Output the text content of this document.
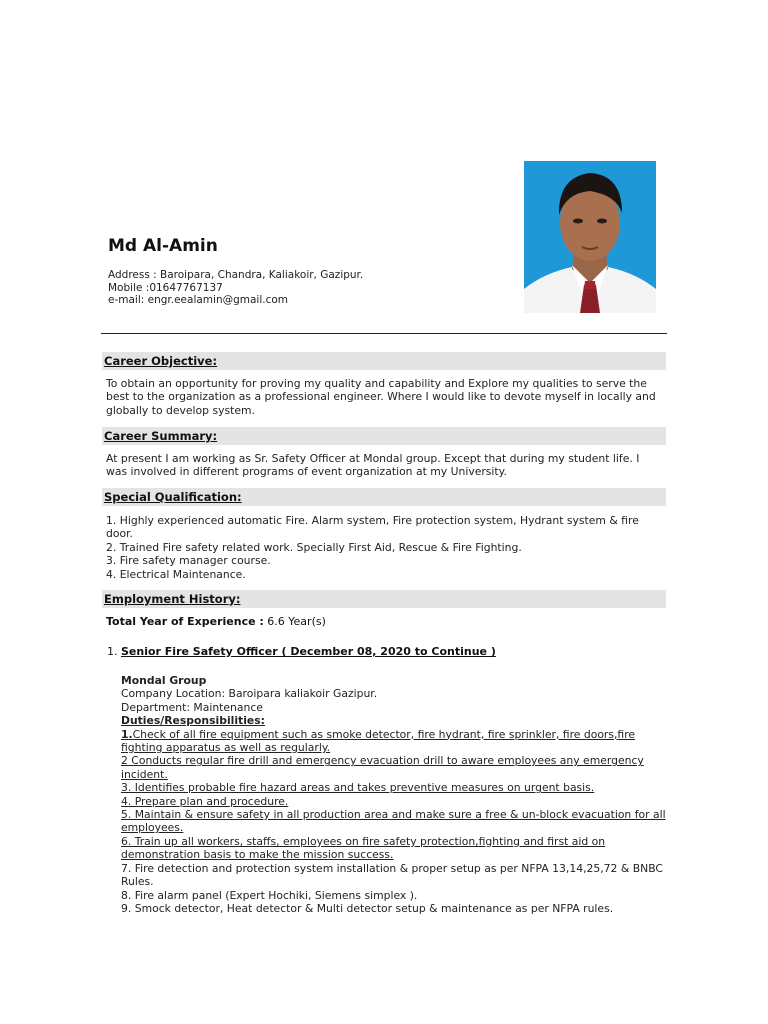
Md Al-Amin
Address : Baroipara, Chandra, Kaliakoir, Gazipur.
Mobile :01647767137
e-mail: engr.eealamin@gmail.com
Career Objective:
To obtain an opportunity for proving my quality and capability and Explore my qualities to serve the
best to the organization as a professional engineer. Where I would like to devote myself in locally and
globally to develop system.
Career Summary:
At present I am working as Sr. Safety Officer at Mondal group. Except that during my student life. I
was involved in different programs of event organization at my University.
Special Qualification:
1. Highly experienced automatic Fire. Alarm system, Fire protection system, Hydrant system & fire
door.
2. Trained Fire safety related work. Specially First Aid, Rescue & Fire Fighting.
3. Fire safety manager course.
4. Electrical Maintenance.
Employment History:
Total Year of Experience : 6.6 Year(s)
1. Senior Fire Safety Officer ( December 08, 2020 to Continue )
Mondal Group
Company Location: Baroipara kaliakoir Gazipur.
Department: Maintenance
Duties/Responsibilities:
1.Check of all fire equipment such as smoke detector, fire hydrant, fire sprinkler, fire doors,fire
fighting apparatus as well as regularly.
2 Conducts regular fire drill and emergency evacuation drill to aware employees any emergency
incident.
3. Identifies probable fire hazard areas and takes preventive measures on urgent basis.
4. Prepare plan and procedure.
5. Maintain & ensure safety in all production area and make sure a free & un-block evacuation for all
employees.
6. Train up all workers, staffs, employees on fire safety protection,fighting and first aid on
demonstration basis to make the mission success.
7. Fire detection and protection system installation & proper setup as per NFPA 13,14,25,72 & BNBC
Rules.
8. Fire alarm panel (Expert Hochiki, Siemens simplex ).
9. Smock detector, Heat detector & Multi detector setup & maintenance as per NFPA rules.
